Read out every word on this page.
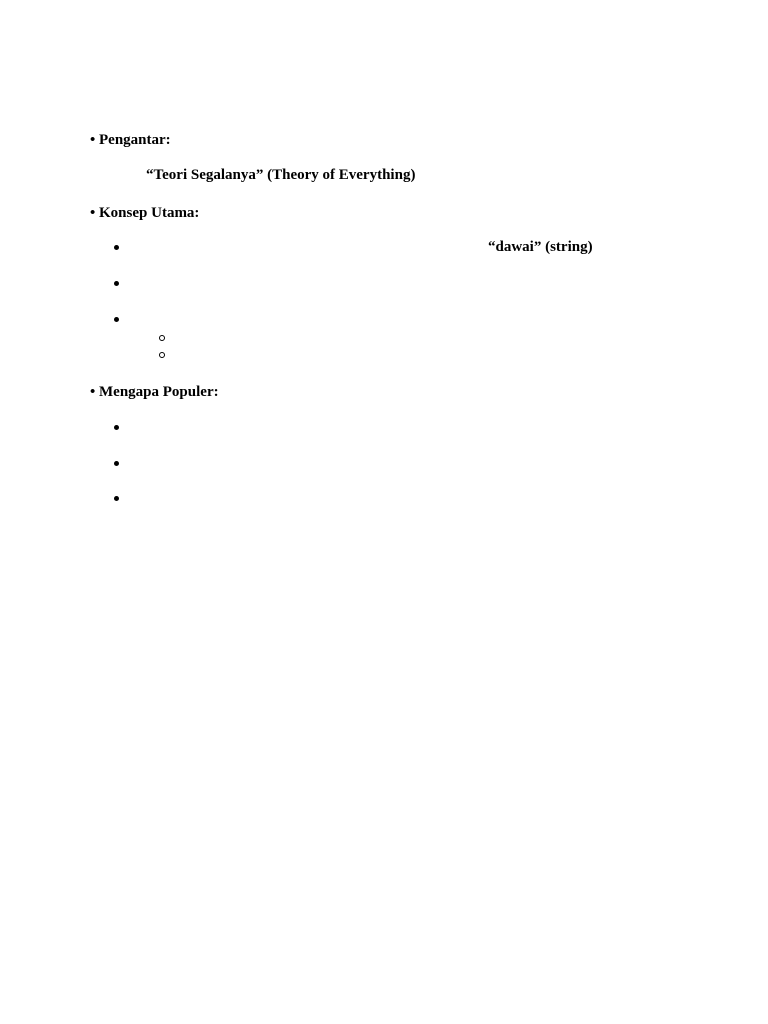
• Pengantar:
“Teori Segalanya” (Theory of Everything)
• Konsep Utama:
“dawai” (string)
• Mengapa Populer:
